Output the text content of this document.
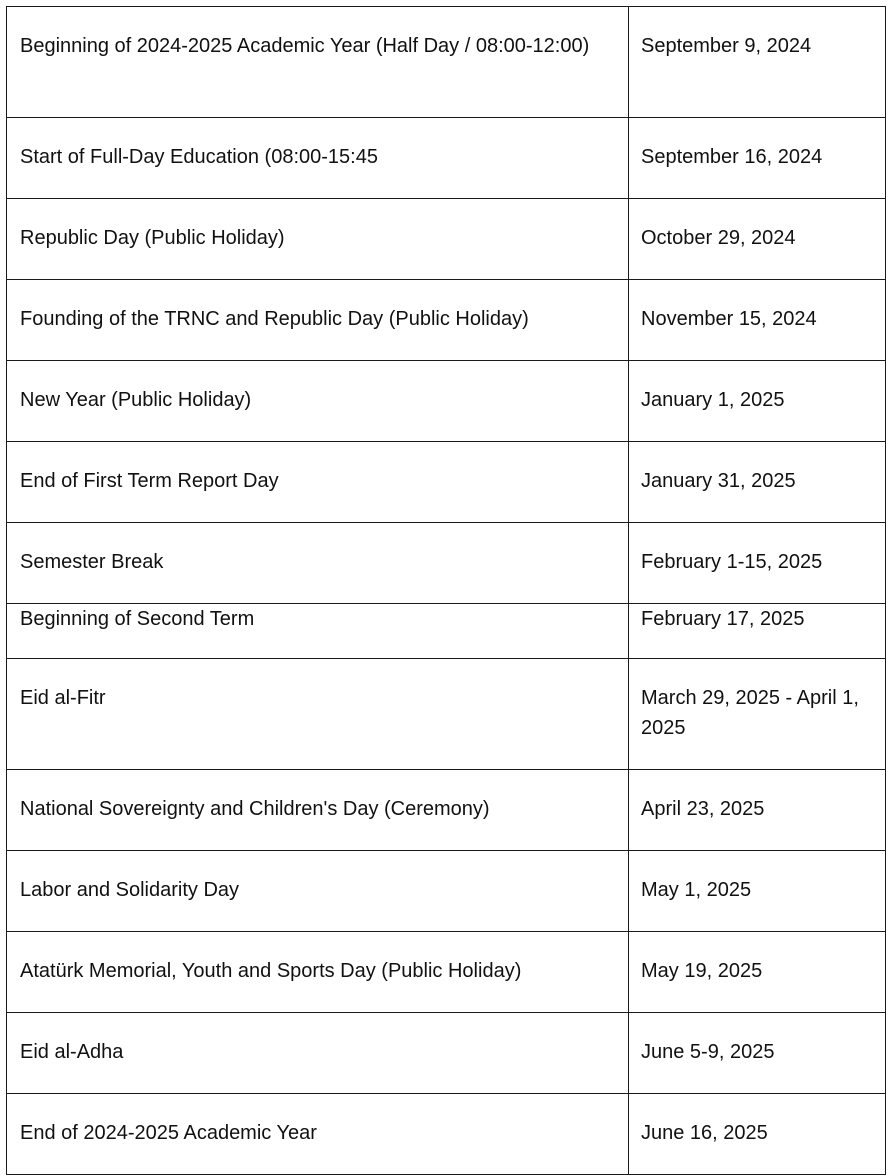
Beginning of 2024-2025 Academic Year (Half Day / 08:00-12:00)	September 9, 2024
Start of Full-Day Education (08:00-15:45	September 16, 2024
Republic Day (Public Holiday)	October 29, 2024
Founding of the TRNC and Republic Day (Public Holiday)	November 15, 2024
New Year (Public Holiday)	January 1, 2025
End of First Term Report Day	January 31, 2025
Semester Break	February 1-15, 2025
Beginning of Second Term	February 17, 2025
Eid al-Fitr	March 29, 2025 - April 1, 2025

National Sovereignty and Children's Day (Ceremony)	April 23, 2025
Labor and Solidarity Day	May 1, 2025
Atatürk Memorial, Youth and Sports Day (Public Holiday)	May 19, 2025
Eid al-Adha	June 5-9, 2025
End of 2024-2025 Academic Year	June 16, 2025
